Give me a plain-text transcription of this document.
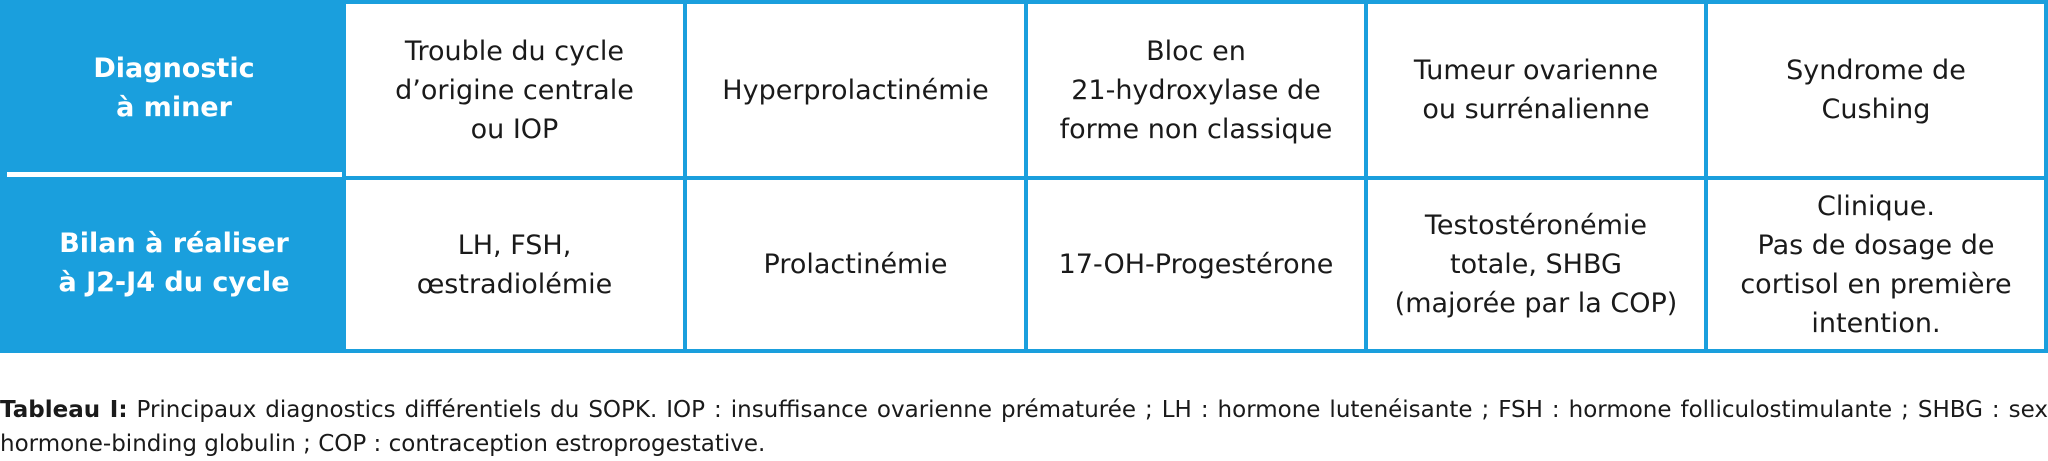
Diagnostic
à miner
Trouble du cycle
d’origine centrale
ou IOP
Hyperprolactinémie
Bloc en
21-hydroxylase de
forme non classique
Tumeur ovarienne
ou surrénalienne
Syndrome de
Cushing
Bilan à réaliser
à J2-J4 du cycle
LH, FSH,
œstradiolémie
Prolactinémie	17-OH-Progestérone
Testostéronémie
totale, SHBG
(majorée par la COP)
Clinique.
Pas de dosage de
cortisol en première
intention.

Tableau I: Principaux diagnostics différentiels du SOPK. IOP : insuffisance ovarienne prématurée ; LH : hormone lutenéisante ; FSH : hormone folliculostimulante ; SHBG : sex hormone-binding globulin ; COP : contraception estroprogestative.
